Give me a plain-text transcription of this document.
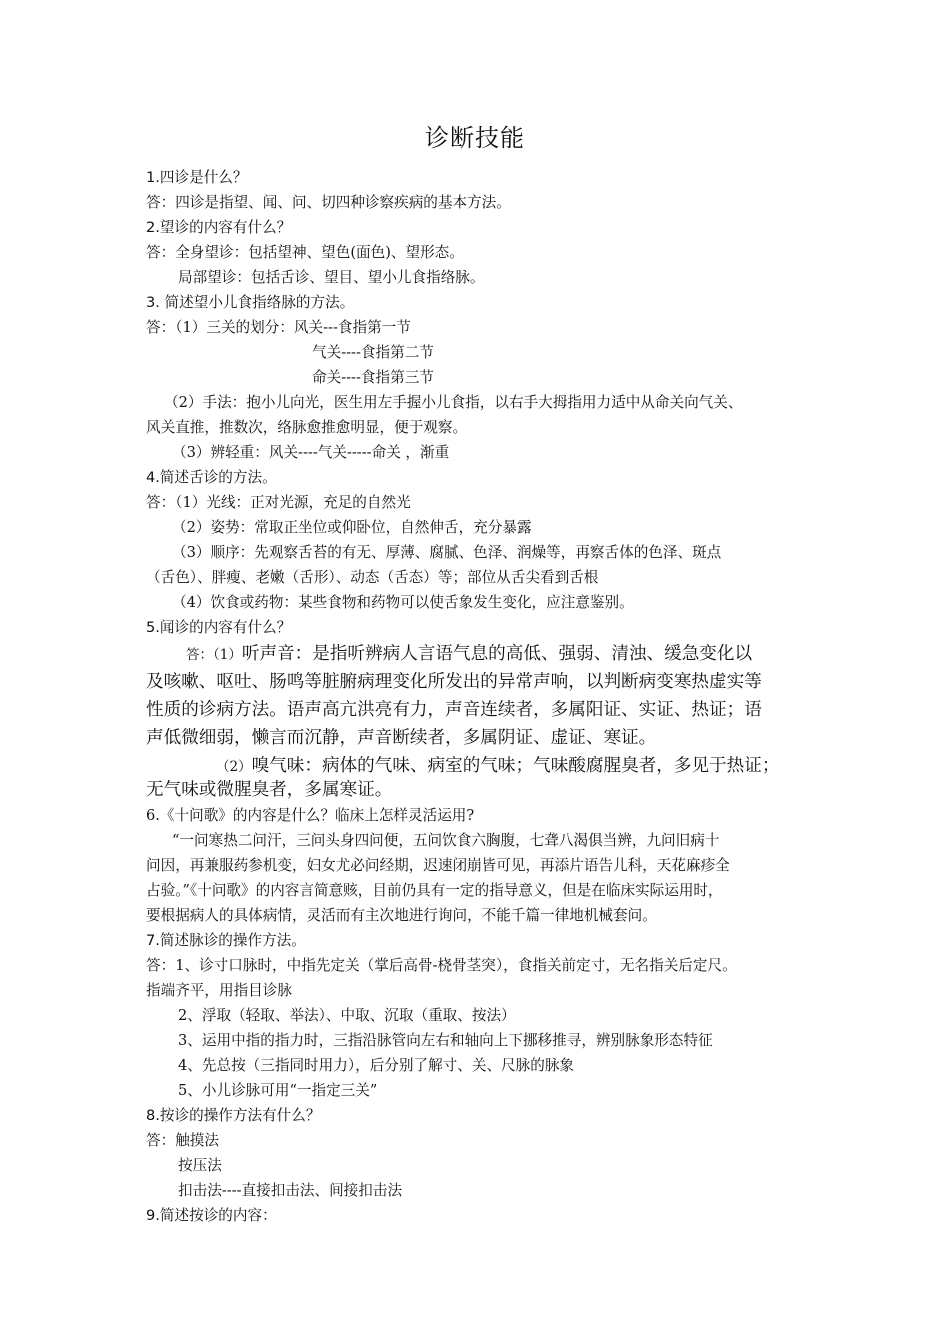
诊断技能
1.四诊是什么？
答：四诊是指望、闻、问、切四种诊察疾病的基本方法。
2.望诊的内容有什么？
答：全身望诊：包括望神、望色(面色)、望形态。
局部望诊：包括舌诊、望目、望小儿食指络脉。
3. 简述望小儿食指络脉的方法。
答：（1）三关的划分：风关---食指第一节
气关----食指第二节
命关----食指第三节
（2）手法：抱小儿向光，医生用左手握小儿食指，以右手大拇指用力适中从命关向气关、
风关直推，推数次，络脉愈推愈明显，便于观察。
（3）辨轻重：风关----气关-----命关 ，渐重
4.简述舌诊的方法。
答：（1）光线：正对光源，充足的自然光
（2）姿势：常取正坐位或仰卧位，自然伸舌，充分暴露
（3）顺序：先观察舌苔的有无、厚薄、腐腻、色泽、润燥等，再察舌体的色泽、斑点
（舌色）、胖瘦、老嫩（舌形）、动态（舌态）等；部位从舌尖看到舌根
（4）饮食或药物：某些食物和药物可以使舌象发生变化，应注意鉴别。
5.闻诊的内容有什么？
答：（1）听声音：是指听辨病人言语气息的高低、强弱、清浊、缓急变化以
及咳嗽、呕吐、肠鸣等脏腑病理变化所发出的异常声响，以判断病变寒热虚实等
性质的诊病方法。语声高亢洪亮有力，声音连续者，多属阳证、实证、热证；语
声低微细弱，懒言而沉静，声音断续者，多属阴证、虚证、寒证。
（2）嗅气味：病体的气味、病室的气味；气味酸腐腥臭者，多见于热证；
无气味或微腥臭者，多属寒证。
6.《十问歌》的内容是什么？临床上怎样灵活运用?
“一问寒热二问汗，三问头身四问便，五问饮食六胸腹，七聋八渴俱当辨，九问旧病十
问因，再兼服药参机变，妇女尤必问经期，迟速闭崩皆可见，再添片语告儿科，天花麻疹全
占验。”《十问歌》的内容言简意赅，目前仍具有一定的指导意义，但是在临床实际运用时，
要根据病人的具体病情，灵活而有主次地进行询问，不能千篇一律地机械套问。
7.简述脉诊的操作方法。
答：1、诊寸口脉时，中指先定关（掌后高骨-桡骨茎突），食指关前定寸，无名指关后定尺。
指端齐平，用指目诊脉
2、浮取（轻取、举法）、中取、沉取（重取、按法）
3、运用中指的指力时，三指沿脉管向左右和轴向上下挪移推寻，辨别脉象形态特征
4、先总按（三指同时用力），后分别了解寸、关、尺脉的脉象
5、小儿诊脉可用“一指定三关”
8.按诊的操作方法有什么？
答：触摸法
按压法
扣击法----直接扣击法、间接扣击法
9.简述按诊的内容：
